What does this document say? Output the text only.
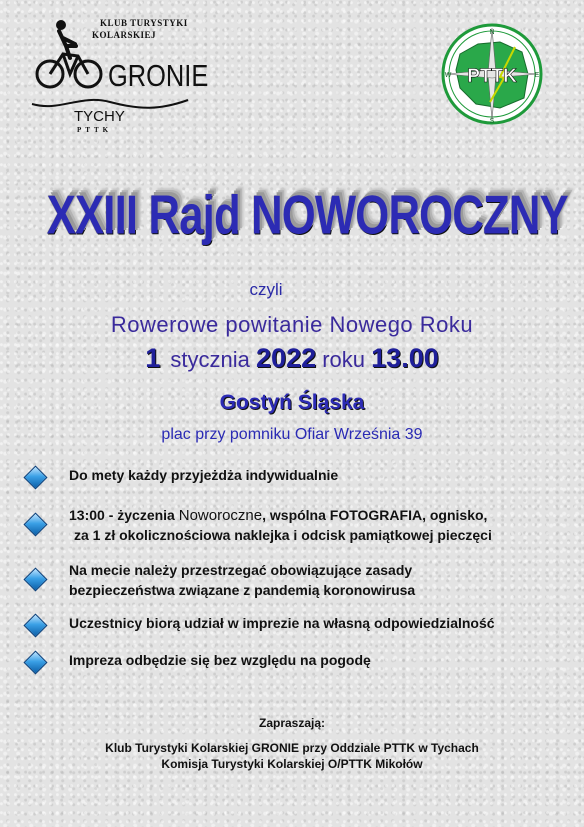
KLUB TURYSTYKI
KOLARSKIEJ
GRONIE
TYCHY
PTTK
PTTK
N
E
S
W
XXIII Rajd NOWOROCZNY
czyli
Rowerowe powitanie Nowego Roku
1 stycznia 2022 roku 13.00
Gostyń Śląska
plac przy pomniku Ofiar Września 39
Do mety każdy przyjeżdża indywidualnie
13:00 - życzenia Noworoczne, wspólna FOTOGRAFIA, ognisko,
za 1 zł okolicznościowa naklejka i odcisk pamiątkowej pieczęci
Na mecie należy przestrzegać obowiązujące zasady
bezpieczeństwa związane z pandemią koronowirusa
Uczestnicy biorą udział w imprezie na własną odpowiedzialność
Impreza odbędzie się bez względu na pogodę
Zapraszają:
Klub Turystyki Kolarskiej GRONIE przy Oddziale PTTK w Tychach
Komisja Turystyki Kolarskiej O/PTTK Mikołów
